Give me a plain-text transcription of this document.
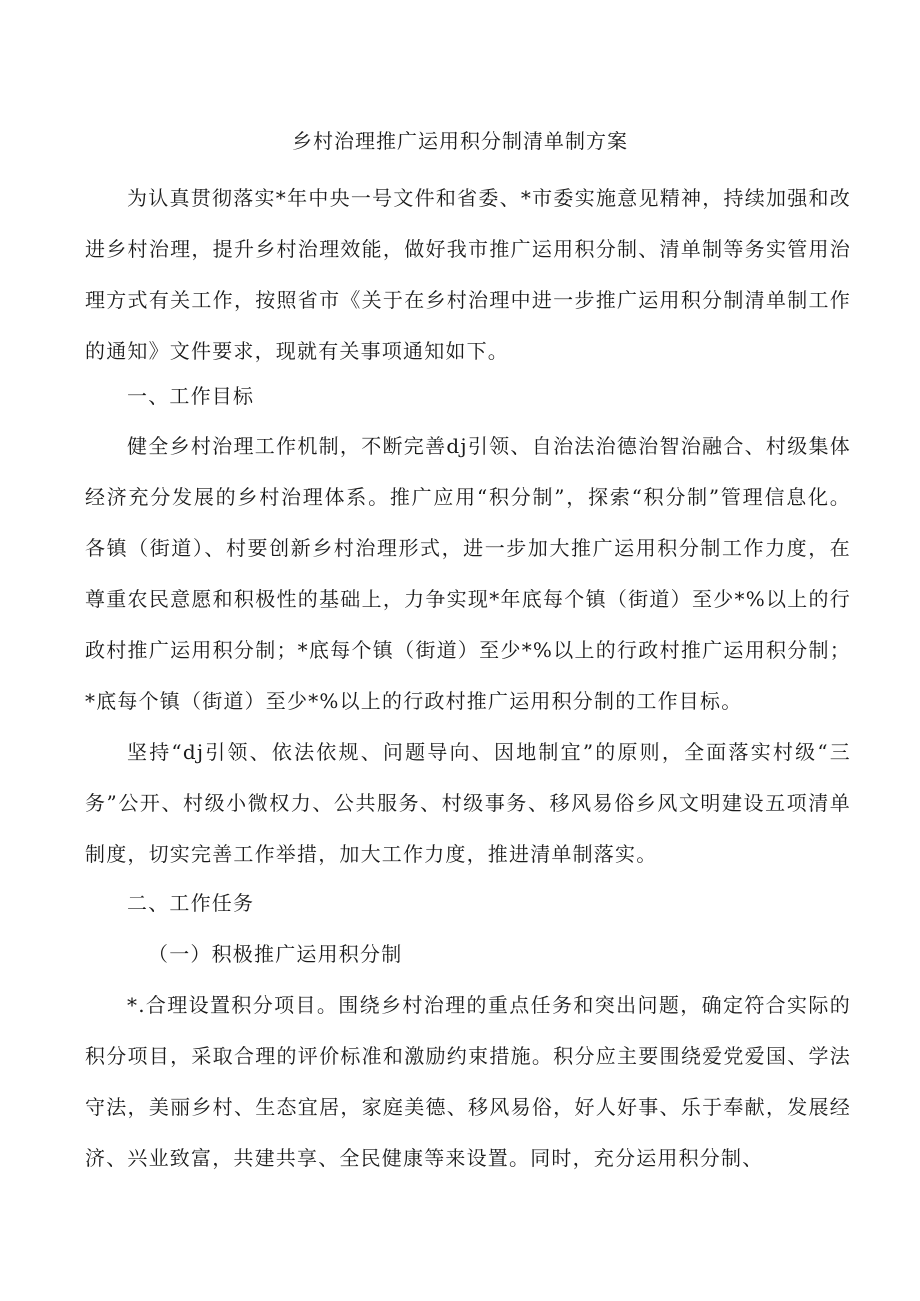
乡村治理推广运用积分制清单制方案

为认真贯彻落实*年中央一号文件和省委、*市委实施意见精神，持续加强和改进乡村治理，提升乡村治理效能，做好我市推广运用积分制、清单制等务实管用治理方式有关工作，按照省市《关于在乡村治理中进一步推广运用积分制清单制工作的通知》文件要求，现就有关事项通知如下。

一、工作目标

健全乡村治理工作机制，不断完善dj引领、自治法治德治智治融合、村级集体经济充分发展的乡村治理体系。推广应用“积分制”，探索“积分制”管理信息化。各镇（街道）、村要创新乡村治理形式，进一步加大推广运用积分制工作力度，在尊重农民意愿和积极性的基础上，力争实现*年底每个镇（街道）至少*%以上的行政村推广运用积分制；*底每个镇（街道）至少*%以上的行政村推广运用积分制；*底每个镇（街道）至少*%以上的行政村推广运用积分制的工作目标。

坚持“dj引领、依法依规、问题导向、因地制宜”的原则，全面落实村级“三务”公开、村级小微权力、公共服务、村级事务、移风易俗乡风文明建设五项清单制度，切实完善工作举措，加大工作力度，推进清单制落实。

二、工作任务

（一）积极推广运用积分制

*.合理设置积分项目。围绕乡村治理的重点任务和突出问题，确定符合实际的积分项目，采取合理的评价标准和激励约束措施。积分应主要围绕爱党爱国、学法守法，美丽乡村、生态宜居，家庭美德、移风易俗，好人好事、乐于奉献，发展经济、兴业致富，共建共享、全民健康等来设置。同时，充分运用积分制、
